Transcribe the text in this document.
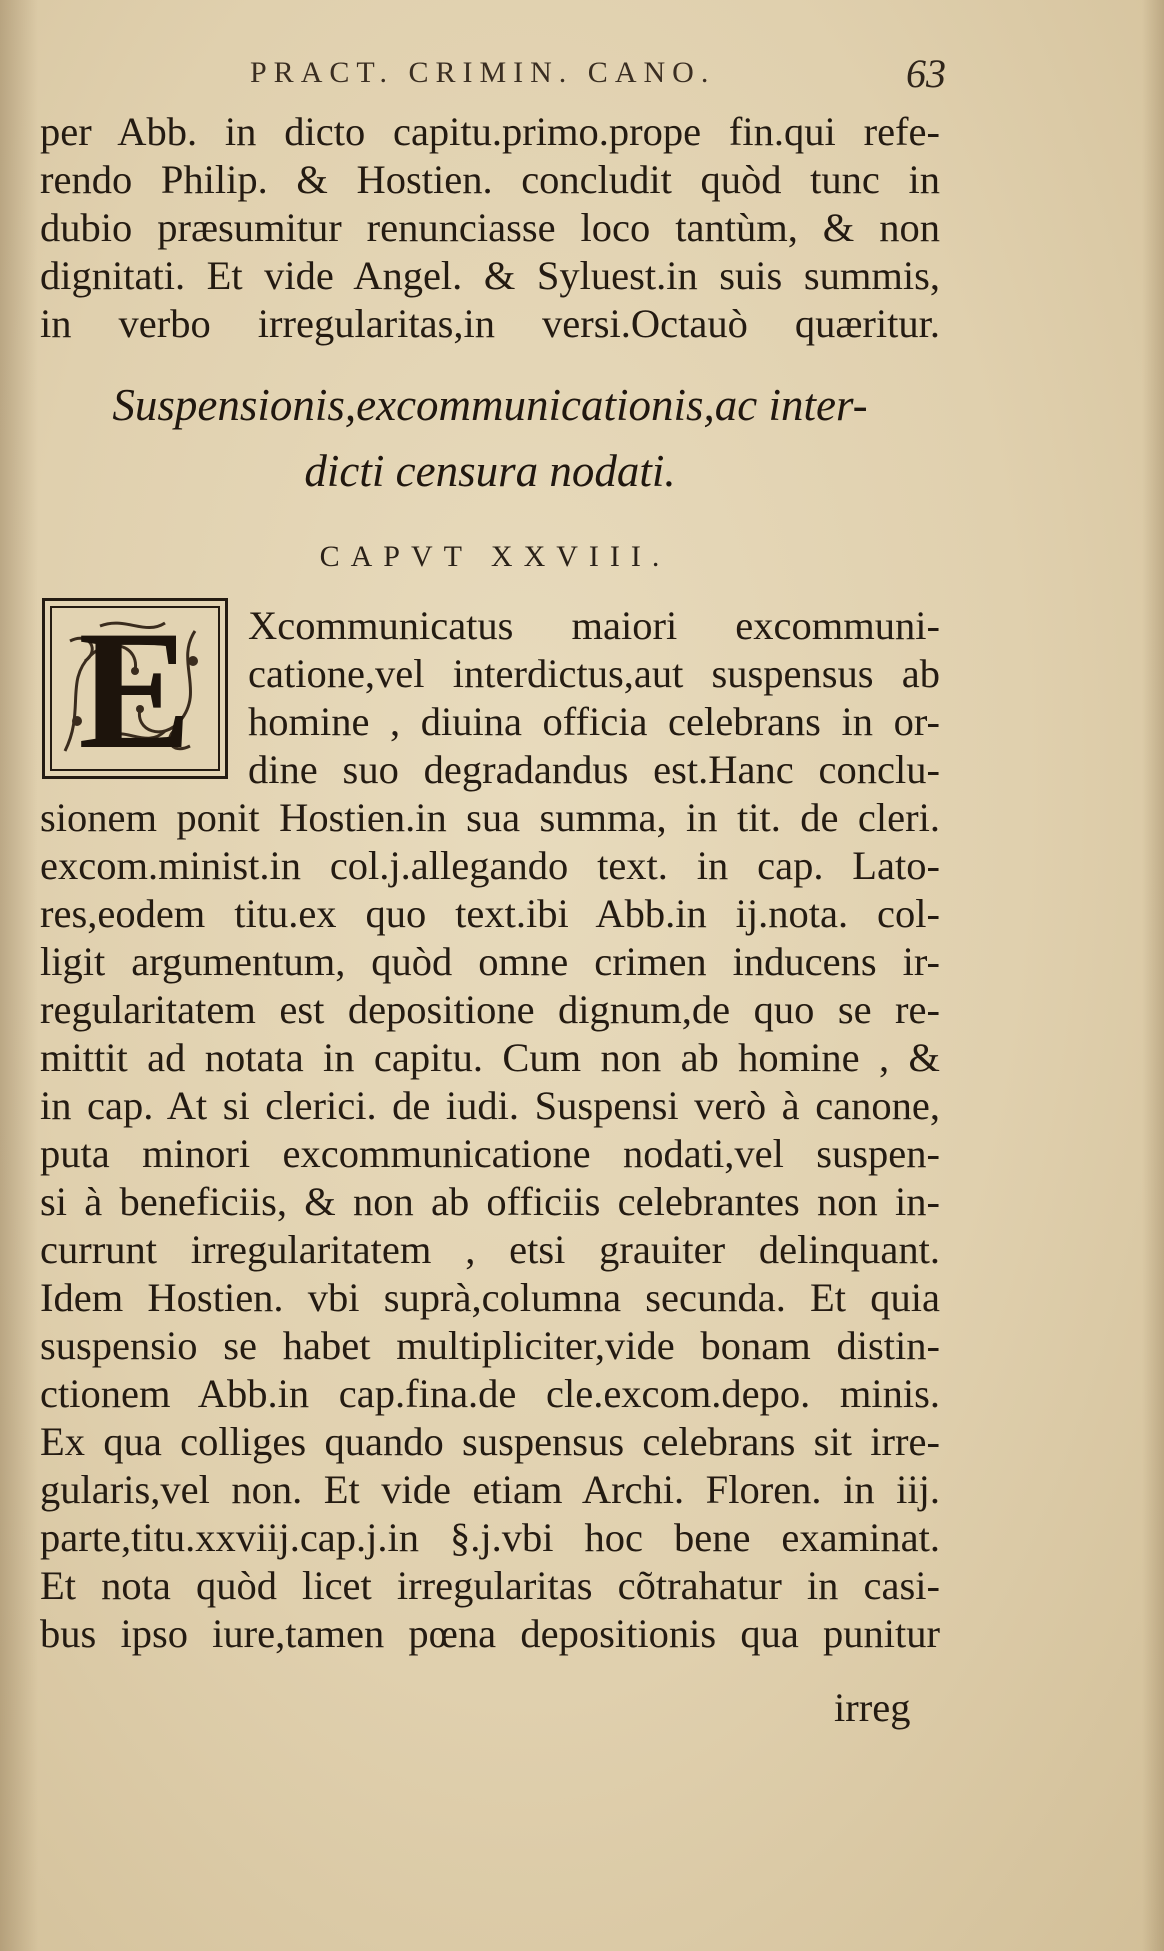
PRACT. CRIMIN. CANO.	63
per Abb. in dicto capitu.primo.prope fin.qui refe-
rendo Philip. & Hostien. concludit quòd tunc in
dubio præsumitur renunciasse loco tantùm, & non
dignitati. Et vide Angel. & Syluest.in suis summis,
in verbo irregularitas,in versi.Octauò quæritur.
Suspensionis,excommunicationis,ac inter-
dicti censura nodati.
CAPVT XXVIII.
E	Xcommunicatus maiori excommuni-
catione,vel interdictus,aut suspensus ab
homine , diuina officia celebrans in or-
dine suo degradandus est.Hanc conclu-
sionem ponit Hostien.in sua summa, in tit. de cleri.
excom.minist.in col.j.allegando text. in cap. Lato-
res,eodem titu.ex quo text.ibi Abb.in ij.nota. col-
ligit argumentum, quòd omne crimen inducens ir-
regularitatem est depositione dignum,de quo se re-
mittit ad notata in capitu. Cum non ab homine , &
in cap. At si clerici. de iudi. Suspensi verò à canone,
puta minori excommunicatione nodati,vel suspen-
si à beneficiis, & non ab officiis celebrantes non in-
currunt irregularitatem , etsi grauiter delinquant.
Idem Hostien. vbi suprà,columna secunda. Et quia
suspensio se habet multipliciter,vide bonam distin-
ctionem Abb.in cap.fina.de cle.excom.depo. minis.
Ex qua colliges quando suspensus celebrans sit irre-
gularis,vel non. Et vide etiam Archi. Floren. in iij.
parte,titu.xxviij.cap.j.in §.j.vbi hoc bene examinat.
Et nota quòd licet irregularitas cõtrahatur in casi-
bus ipso iure,tamen pœna depositionis qua punitur
irreg
